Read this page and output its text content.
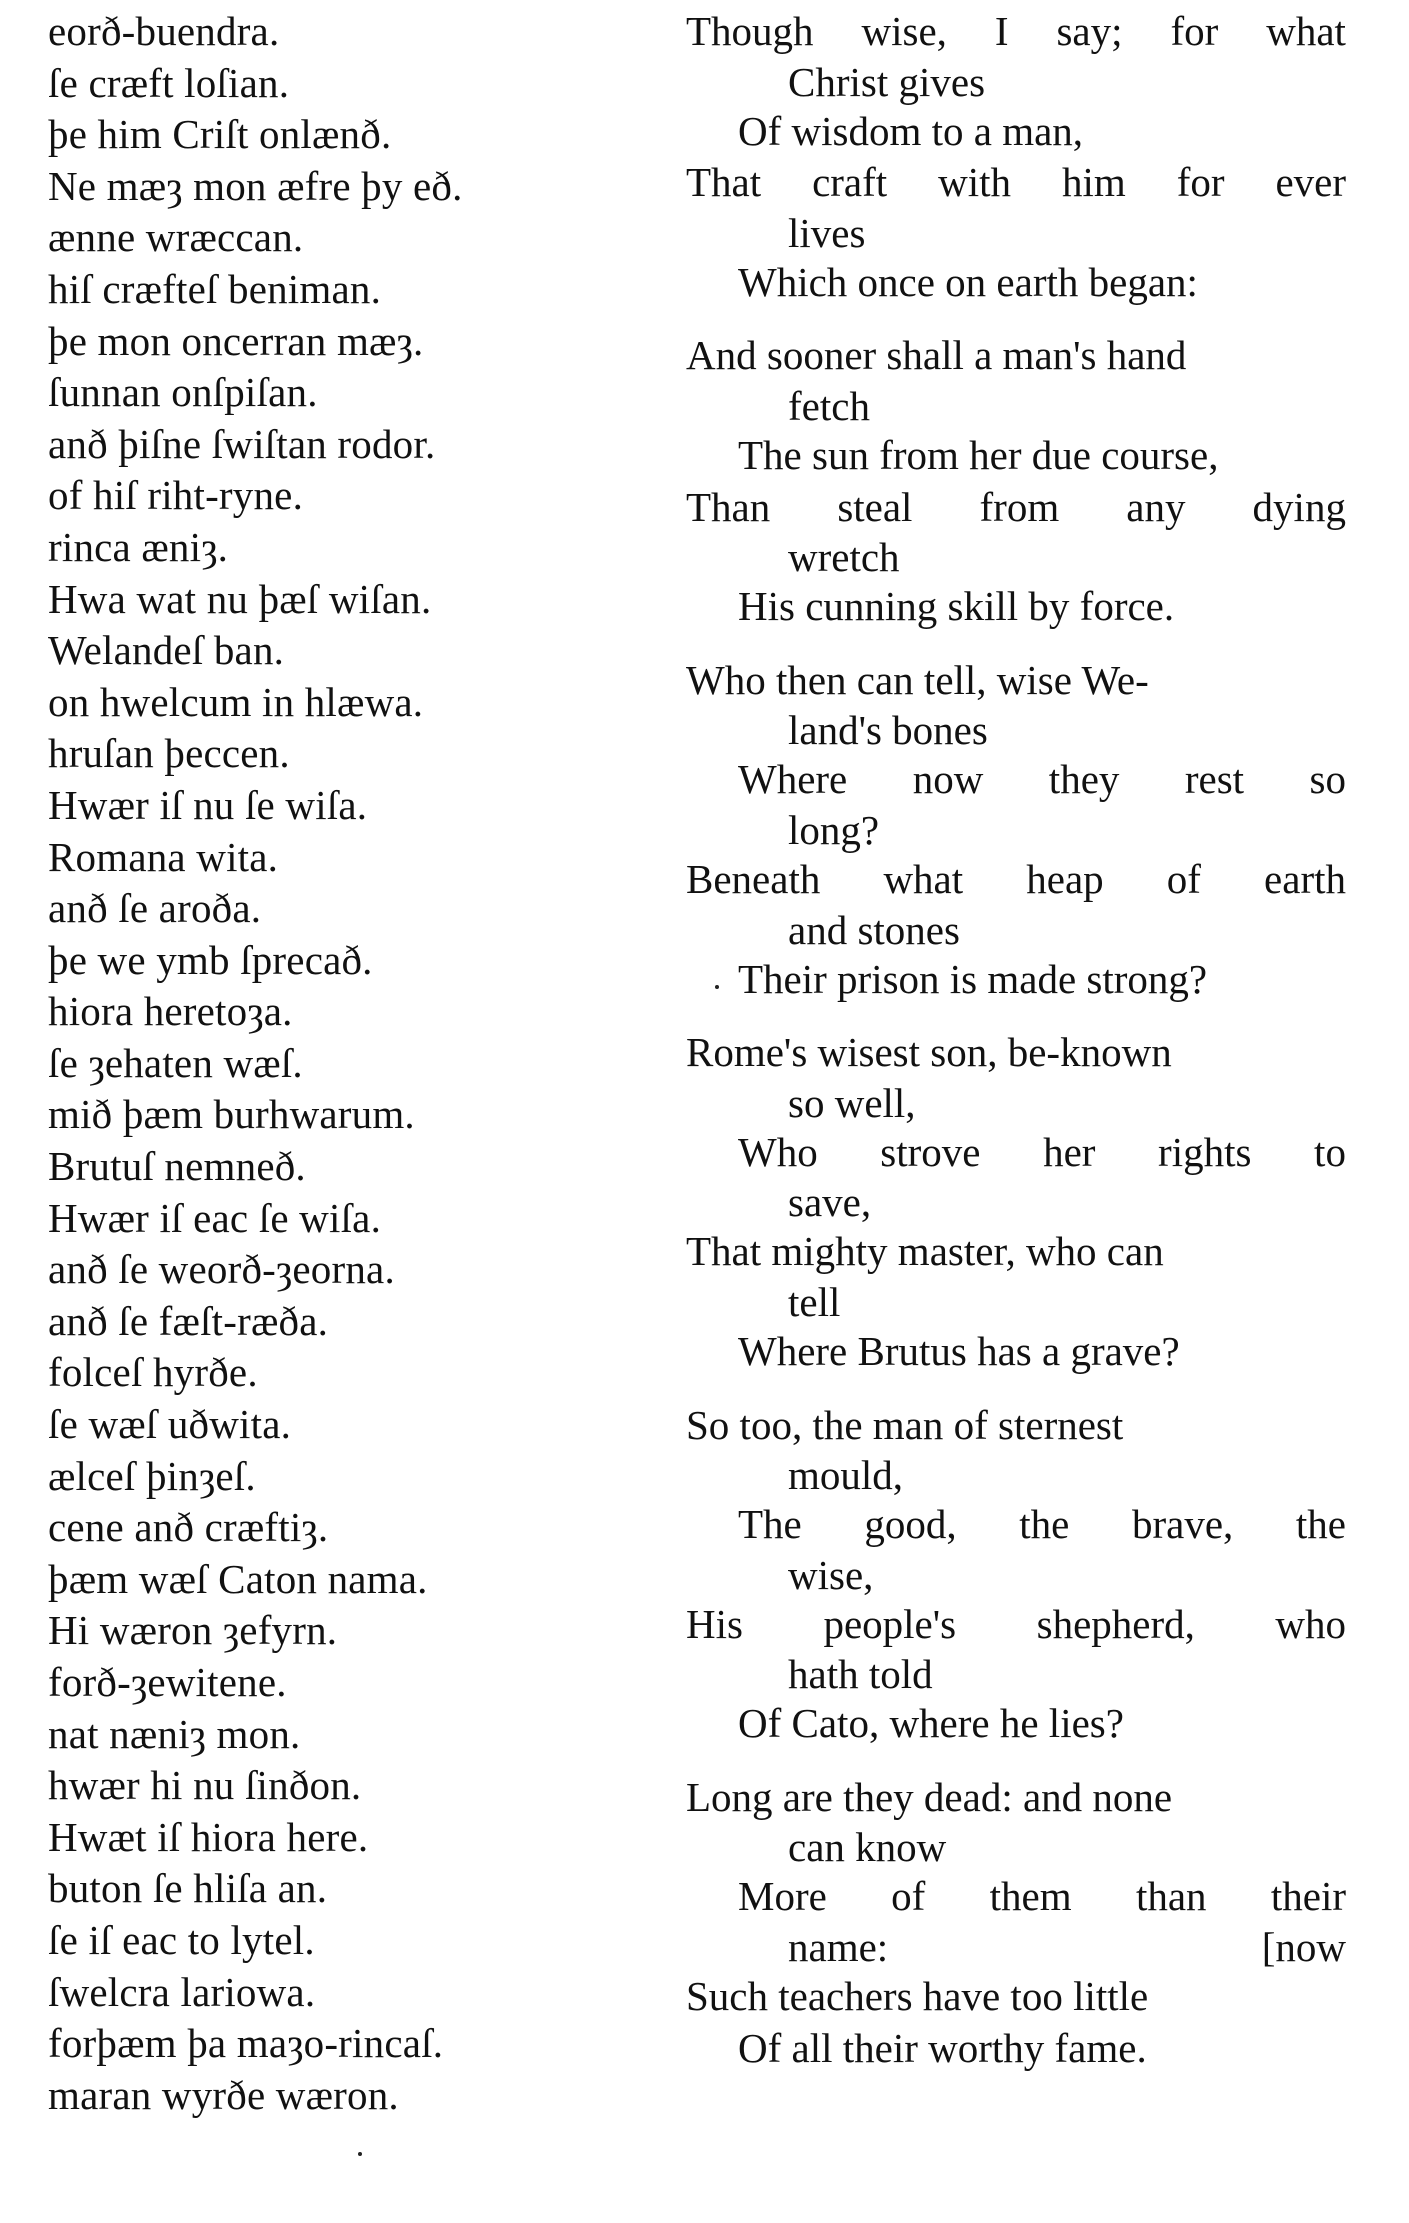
eorð-buendra.
ſe cræft loſian.
þe him Criſt onlænð.
Ne mæȝ mon æfre þy eð.
ænne wræccan.
hiſ cræfteſ beniman.
þe mon oncerran mæȝ.
ſunnan onſpiſan.
anð þiſne ſwiſtan rodor.
of hiſ riht-ryne.
rinca æniȝ.
Hwa wat nu þæſ wiſan.
Welandeſ ban.
on hwelcum in hlæwa.
hruſan þeccen.
Hwær iſ nu ſe wiſa.
Romana wita.
anð ſe aroða.
þe we ymb ſprecað.
hiora heretoȝa.
ſe ȝehaten wæſ.
mið þæm burhwarum.
Brutuſ nemneð.
Hwær iſ eac ſe wiſa.
anð ſe weorð-ȝeorna.
anð ſe fæſt-ræða.
folceſ hyrðe.
ſe wæſ uðwita.
ælceſ þinȝeſ.
cene anð cræftiȝ.
þæm wæſ Caton nama.
Hi wæron ȝefyrn.
forð-ȝewitene.
nat næniȝ mon.
hwær hi nu ſinðon.
Hwæt iſ hiora here.
buton ſe hliſa an.
ſe iſ eac to lytel.
ſwelcra lariowa.
forþæm þa maȝo-rincaſ.
maran wyrðe wæron.
Though wise, I say; for what
Christ gives
Of wisdom to a man,
That craft with him for ever
lives
Which once on earth began:
And sooner shall a man's hand
fetch
The sun from her due course,
Than steal from any dying
wretch
His cunning skill by force.
Who then can tell, wise We-
land's bones
Where now they rest so
long?
Beneath what heap of earth
and stones
Their prison is made strong?
Rome's wisest son, be-known
so well,
Who strove her rights to
save,
That mighty master, who can
tell
Where Brutus has a grave?
So too, the man of sternest
mould,
The good, the brave, the
wise,
His people's shepherd, who
hath told
Of Cato, where he lies?
Long are they dead: and none
can know
More of them than their
name:	[now
Such teachers have too little
Of all their worthy fame.
